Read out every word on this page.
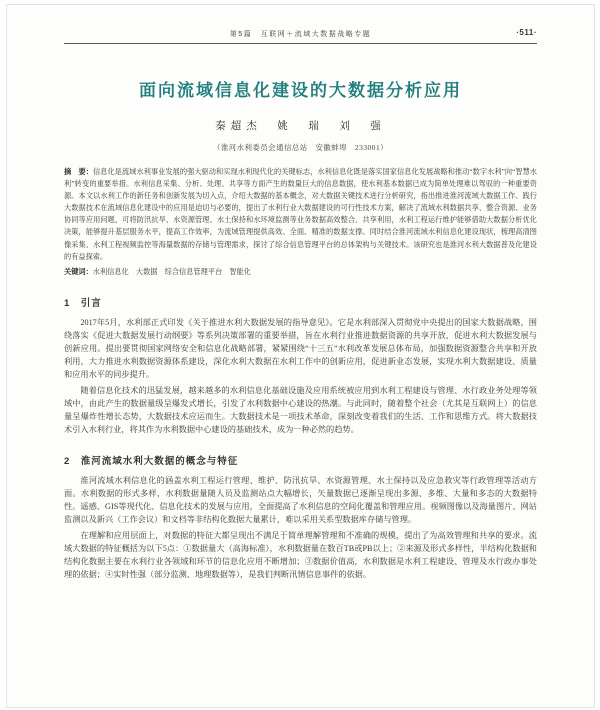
第5篇　互联网＋流域大数据战略专题	·511·
面向流域信息化建设的大数据分析应用
秦超杰　姚　瑞　刘　强
（淮河水利委员会通信总站　安徽蚌埠　233001）

摘　要：信息化是流域水利事业发展的强大驱动和实现水利现代化的关键标志，水利信息化既是落实国家信息化发展战略和推动“数字水利”向“智慧水利”转变的重要举措。水利信息采集、分析、处理、共享等方面产生的数量巨大的信息数据，使水利基本数据已成为简单处理难以驾驭的一种重要资源。本文以水利工作的新任务和创新发展为切入点，介绍大数据的基本概念，对大数据关键技术进行分析研究，指出推进淮河流域大数据工作、践行大数据技术在流域信息化建设中的应用是迫切与必要的，提出了水利行业大数据建设的可行性技术方案，解决了流域水利数据共享、整合资源、业务协同等应用问题，可将防汛抗旱、水资源管理、水土保持和水环境监测等业务数据高效整合、共享利用，水利工程运行维护能够借助大数据分析优化决策，能够提升基层服务水平，提高工作效率，为流域管理提供高效、全面、精准的数据支撑。同时结合淮河流域水利信息化建设现状，梳理高清图像采集、水利工程视频监控等海量数据的存储与管理需求，探讨了综合信息管理平台的总体架构与关键技术。该研究也是淮河水利大数据普及化建设的有益探索。

关键词：水利信息化　大数据　综合信息管理平台　智能化

1　引言

2017年5月，水利部正式印发《关于推进水利大数据发展的指导意见》。它是水利部深入贯彻党中央提出的国家大数据战略，围绕落实《促进大数据发展行动纲要》等系列决策部署的重要举措，旨在水利行业推进数据资源的共享开放，促进水利大数据发展与创新应用。提出要贯彻国家网络安全和信息化战略部署，紧紧围绕“十三五”水利改革发展总体布局，加强数据资源整合共享和开放利用，大力推进水利数据资源体系建设，深化水利大数据在水利工作中的创新应用，促进新业态发展，实现水利大数据建设、质量和应用水平的同步提升。

随着信息化技术的迅猛发展，越来越多的水利信息化基础设施及应用系统被应用到水利工程建设与管理、水行政业务处理等领域中，由此产生的数据量级呈爆发式增长，引发了水利数据中心建设的热潮。与此同时，随着整个社会（尤其是互联网上）的信息量呈爆炸性增长态势，大数据技术应运而生。大数据技术是一项技术革命，深刻改变着我们的生活、工作和思维方式。将大数据技术引入水利行业，将其作为水利数据中心建设的基础技术，成为一种必然的趋势。

2　淮河流域水利大数据的概念与特征

淮河流域水利信息化的涵盖水利工程运行管理、维护、防汛抗旱、水资源管理、水土保持以及应急救灾等行政管理等活动方面。水利数据的形式多样，水利数据量随人员及监测站点大幅增长，矢量数据已逐渐呈现出多源、多维、大量和多态的大数据特性。遥感、GIS等现代化、信息化技术的发展与应用，全面提高了水利信息的空间化覆盖和管理应用。视频图像以及海量图片、网站监测以及新兴（工作会议）和文档等非结构化数据大量累计，难以采用关系型数据库存储与管理。

在理解和应用层面上，对数据的特征大都呈现出不满足于简单理解管理和不准确的规模，提出了为高效管理和共享的要求。流域大数据的特征概括为以下5点：①数据量大（高海标准），水利数据量在数百TB或PB以上；②来源及形式多样性，半结构化数据和结构化数据主要在水利行业各领域和环节的信息化应用不断增加；③数据价值高，水利数据是水利工程建设、管理及水行政办事处理的依据；④实时性强（部分监测、地理数据等），是我们判断汛情信息事件的依据。
